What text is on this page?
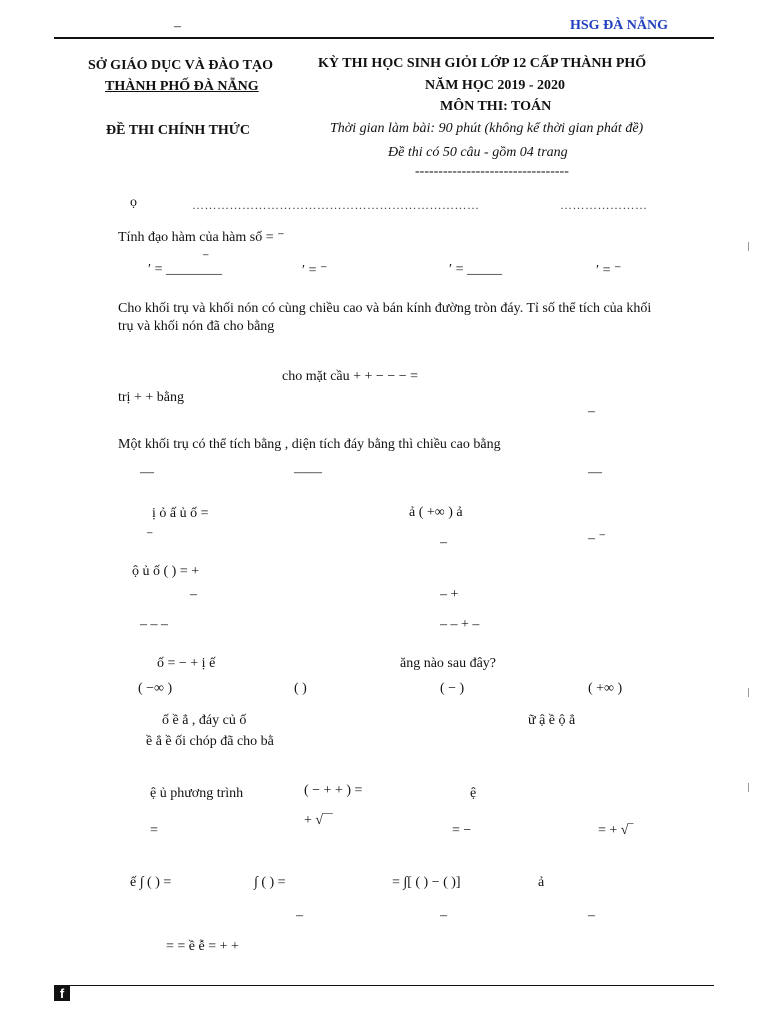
–	HSG ĐÀ NẴNG
SỞ GIÁO DỤC VÀ ĐÀO TẠO
THÀNH PHỐ ĐÀ NẴNG
ĐỀ THI CHÍNH THỨC
KỲ THI HỌC SINH GIỎI LỚP 12 CẤP THÀNH PHỐ
NĂM HỌC 2019 - 2020
MÔN THI: TOÁN
Thời gian làm bài: 90 phút (không kể thời gian phát đề)
Đề thi có 50 câu - gồm 04 trang
---------------------------------
ọ	……………………………………………………………	…………………
Tính đạo hàm của hàm số = ⁻
⁻
′ = ________	′ = ⁻	′ = _____	′ = ⁻
Cho khối trụ và khối nón có cùng chiều cao và bán kính đường tròn đáy. Tỉ số thể tích của khối
trụ và khối nón đã cho bằng
cho mặt cầu + + − − − =
trị + + bằng
–
Một khối trụ có thể tích bằng , diện tích đáy bằng thì chiều cao bằng
—	——	—
ị ỏ ấ ủ ố =	ả ( +∞ ) ả
⁻	–	– ⁻
ộ ủ ố ( ) = +
–	– +
– – –	– – + –
ố = − + ị ế	ăng nào sau đây?
( −∞ )	( )	( − )	( +∞ )
ố ề ẳ , đáy củ ố	ữ ậ ề ộ ẳ
ề ẳ ề ối chóp đã cho bằ
ệ ủ phương trình	( − + + ) =	ệ
+ √‾‾
=	= −	= + √‾
ế ∫ ( ) =	∫ ( ) =	= ∫[ ( ) − ( )]	ả
–	–	–
= = ề ễ = + +
f
